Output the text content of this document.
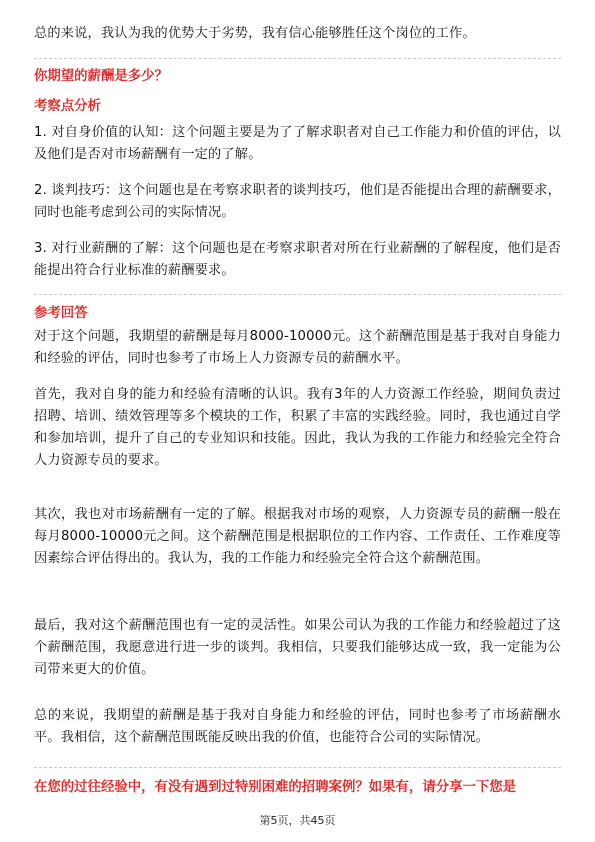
总的来说，我认为我的优势大于劣势，我有信心能够胜任这个岗位的工作。
你期望的薪酬是多少？
考察点分析
1. 对自身价值的认知：这个问题主要是为了了解求职者对自己工作能力和价值的评估，以及他们是否对市场薪酬有一定的了解。
2. 谈判技巧：这个问题也是在考察求职者的谈判技巧，他们是否能提出合理的薪酬要求，同时也能考虑到公司的实际情况。
3. 对行业薪酬的了解：这个问题也是在考察求职者对所在行业薪酬的了解程度，他们是否能提出符合行业标准的薪酬要求。
参考回答
对于这个问题，我期望的薪酬是每月8000-10000元。这个薪酬范围是基于我对自身能力和经验的评估，同时也参考了市场上人力资源专员的薪酬水平。
首先，我对自身的能力和经验有清晰的认识。我有3年的人力资源工作经验，期间负责过招聘、培训、绩效管理等多个模块的工作，积累了丰富的实践经验。同时，我也通过自学和参加培训，提升了自己的专业知识和技能。因此，我认为我的工作能力和经验完全符合人力资源专员的要求。
其次，我也对市场薪酬有一定的了解。根据我对市场的观察，人力资源专员的薪酬一般在每月8000-10000元之间。这个薪酬范围是根据职位的工作内容、工作责任、工作难度等因素综合评估得出的。我认为，我的工作能力和经验完全符合这个薪酬范围。
最后，我对这个薪酬范围也有一定的灵活性。如果公司认为我的工作能力和经验超过了这个薪酬范围，我愿意进行进一步的谈判。我相信，只要我们能够达成一致，我一定能为公司带来更大的价值。
总的来说，我期望的薪酬是基于我对自身能力和经验的评估，同时也参考了市场薪酬水平。我相信，这个薪酬范围既能反映出我的价值，也能符合公司的实际情况。
在您的过往经验中，有没有遇到过特别困难的招聘案例？如果有，请分享一下您是
第5页，共45页
